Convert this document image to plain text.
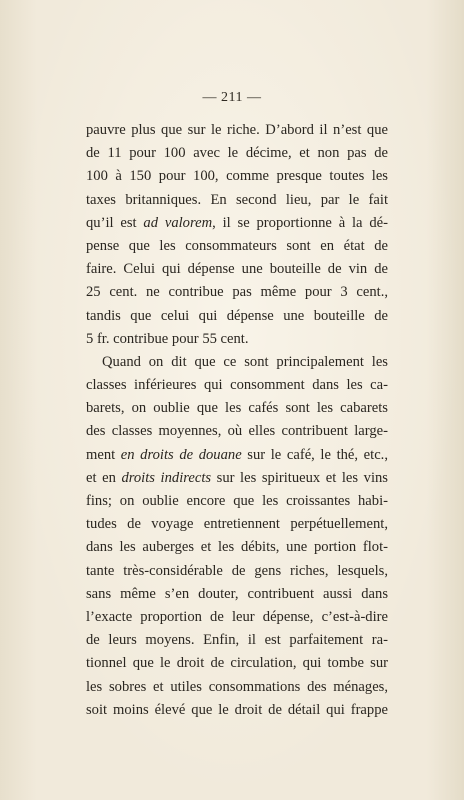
— 211 —
pauvre plus que sur le riche. D’abord il n’est que
de 11 pour 100 avec le décime, et non pas de
100 à 150 pour 100, comme presque toutes les
taxes britanniques. En second lieu, par le fait
qu’il est ad valorem, il se proportionne à la dé-
pense que les consommateurs sont en état de
faire. Celui qui dépense une bouteille de vin de
25 cent. ne contribue pas même pour 3 cent.,
tandis que celui qui dépense une bouteille de
5 fr. contribue pour 55 cent.
Quand on dit que ce sont principalement les
classes inférieures qui consomment dans les ca-
barets, on oublie que les cafés sont les cabarets
des classes moyennes, où elles contribuent large-
ment en droits de douane sur le café, le thé, etc.,
et en droits indirects sur les spiritueux et les vins
fins; on oublie encore que les croissantes habi-
tudes de voyage entretiennent perpétuellement,
dans les auberges et les débits, une portion flot-
tante très-considérable de gens riches, lesquels,
sans même s’en douter, contribuent aussi dans
l’exacte proportion de leur dépense, c’est-à-dire
de leurs moyens. Enfin, il est parfaitement ra-
tionnel que le droit de circulation, qui tombe sur
les sobres et utiles consommations des ménages,
soit moins élevé que le droit de détail qui frappe
